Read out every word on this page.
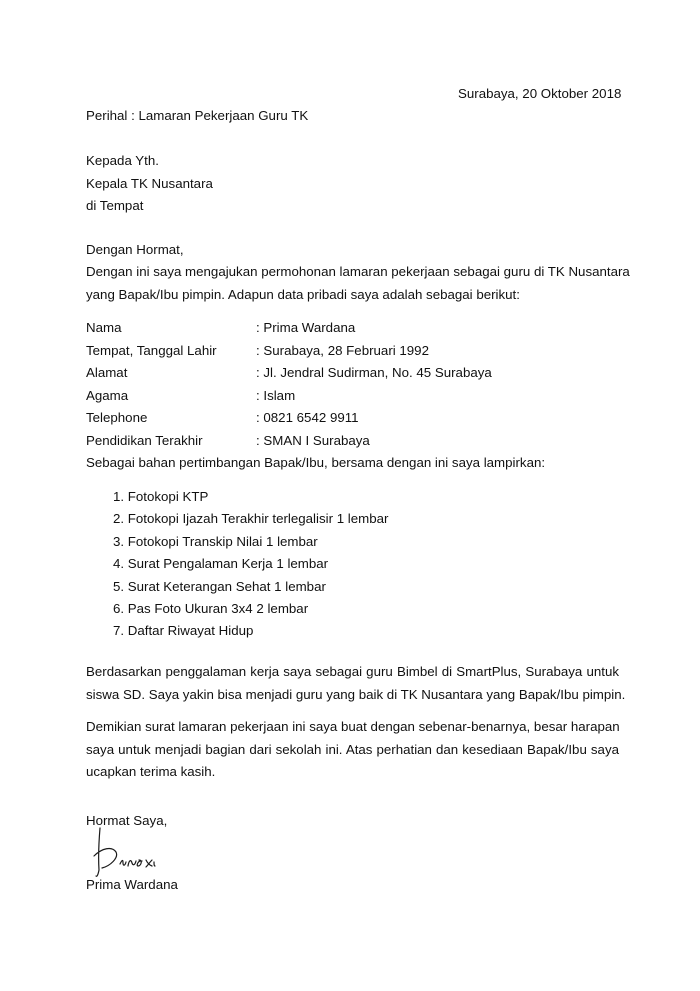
Surabaya, 20 Oktober 2018
Perihal : Lamaran Pekerjaan Guru TK
Kepada Yth.
Kepala TK Nusantara
di Tempat
Dengan Hormat,
Dengan ini saya mengajukan permohonan lamaran pekerjaan sebagai guru di TK Nusantara
yang Bapak/Ibu pimpin. Adapun data pribadi saya adalah sebagai berikut:
Nama	: Prima Wardana
Tempat, Tanggal Lahir	: Surabaya, 28 Februari 1992
Alamat	: Jl. Jendral Sudirman, No. 45 Surabaya
Agama	: Islam
Telephone	: 0821 6542 9911
Pendidikan Terakhir	: SMAN I Surabaya
Sebagai bahan pertimbangan Bapak/Ibu, bersama dengan ini saya lampirkan:
1. Fotokopi KTP
2. Fotokopi Ijazah Terakhir terlegalisir 1 lembar
3. Fotokopi Transkip Nilai 1 lembar
4. Surat Pengalaman Kerja 1 lembar
5. Surat Keterangan Sehat 1 lembar
6. Pas Foto Ukuran 3x4 2 lembar
7. Daftar Riwayat Hidup
Berdasarkan penggalaman kerja saya sebagai guru Bimbel di SmartPlus, Surabaya untuk
siswa SD. Saya yakin bisa menjadi guru yang baik di TK Nusantara yang Bapak/Ibu pimpin.
Demikian surat lamaran pekerjaan ini saya buat dengan sebenar-benarnya, besar harapan
saya untuk menjadi bagian dari sekolah ini. Atas perhatian dan kesediaan Bapak/Ibu saya
ucapkan terima kasih.
Hormat Saya,
Prima Wardana
